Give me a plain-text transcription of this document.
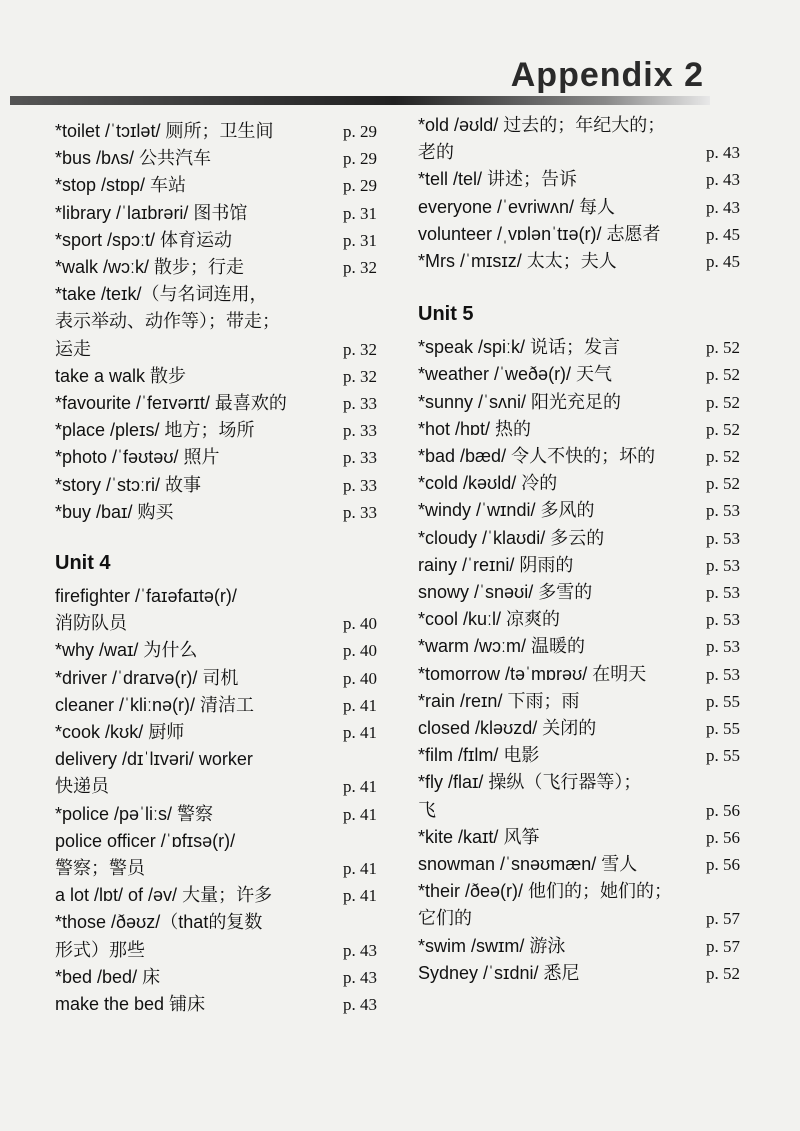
Appendix 2
*toilet /ˈtɔɪlət/ 厕所；卫生间	p. 29
*bus /bʌs/ 公共汽车	p. 29
*stop /stɒp/ 车站	p. 29
*library /ˈlaɪbrəri/ 图书馆	p. 31
*sport /spɔːt/ 体育运动	p. 31
*walk /wɔːk/ 散步；行走	p. 32
*take /teɪk/（与名词连用，
表示举动、动作等）；带走；
运走	p. 32
take a walk 散步	p. 32
*favourite /ˈfeɪvərɪt/ 最喜欢的	p. 33
*place /pleɪs/ 地方；场所	p. 33
*photo /ˈfəʊtəʊ/ 照片	p. 33
*story /ˈstɔːri/ 故事	p. 33
*buy /baɪ/ 购买	p. 33
Unit 4
firefighter /ˈfaɪəfaɪtə(r)/
消防队员	p. 40
*why /waɪ/ 为什么	p. 40
*driver /ˈdraɪvə(r)/ 司机	p. 40
cleaner /ˈkliːnə(r)/ 清洁工	p. 41
*cook /kʊk/ 厨师	p. 41
delivery /dɪˈlɪvəri/ worker
快递员	p. 41
*police /pəˈliːs/ 警察	p. 41
police officer /ˈɒfɪsə(r)/
警察；警员	p. 41
a lot /lɒt/ of /əv/ 大量；许多	p. 41
*those /ðəʊz/（that的复数
形式）那些	p. 43
*bed /bed/ 床	p. 43
make the bed 铺床	p. 43
*old /əʊld/ 过去的；年纪大的；
老的	p. 43
*tell /tel/ 讲述；告诉	p. 43
everyone /ˈevriwʌn/ 每人	p. 43
volunteer /ˌvɒlənˈtɪə(r)/ 志愿者	p. 45
*Mrs /ˈmɪsɪz/ 太太；夫人	p. 45
Unit 5
*speak /spiːk/ 说话；发言	p. 52
*weather /ˈweðə(r)/ 天气	p. 52
*sunny /ˈsʌni/ 阳光充足的	p. 52
*hot /hɒt/ 热的	p. 52
*bad /bæd/ 令人不快的；坏的	p. 52
*cold /kəʊld/ 冷的	p. 52
*windy /ˈwɪndi/ 多风的	p. 53
*cloudy /ˈklaʊdi/ 多云的	p. 53
rainy /ˈreɪni/ 阴雨的	p. 53
snowy /ˈsnəʊi/ 多雪的	p. 53
*cool /kuːl/ 凉爽的	p. 53
*warm /wɔːm/ 温暖的	p. 53
*tomorrow /təˈmɒrəʊ/ 在明天	p. 53
*rain /reɪn/ 下雨；雨	p. 55
closed /kləʊzd/ 关闭的	p. 55
*film /fɪlm/ 电影	p. 55
*fly /flaɪ/ 操纵（飞行器等）；
飞	p. 56
*kite /kaɪt/ 风筝	p. 56
snowman /ˈsnəʊmæn/ 雪人	p. 56
*their /ðeə(r)/ 他们的；她们的；
它们的	p. 57
*swim /swɪm/ 游泳	p. 57
Sydney /ˈsɪdni/ 悉尼	p. 52
